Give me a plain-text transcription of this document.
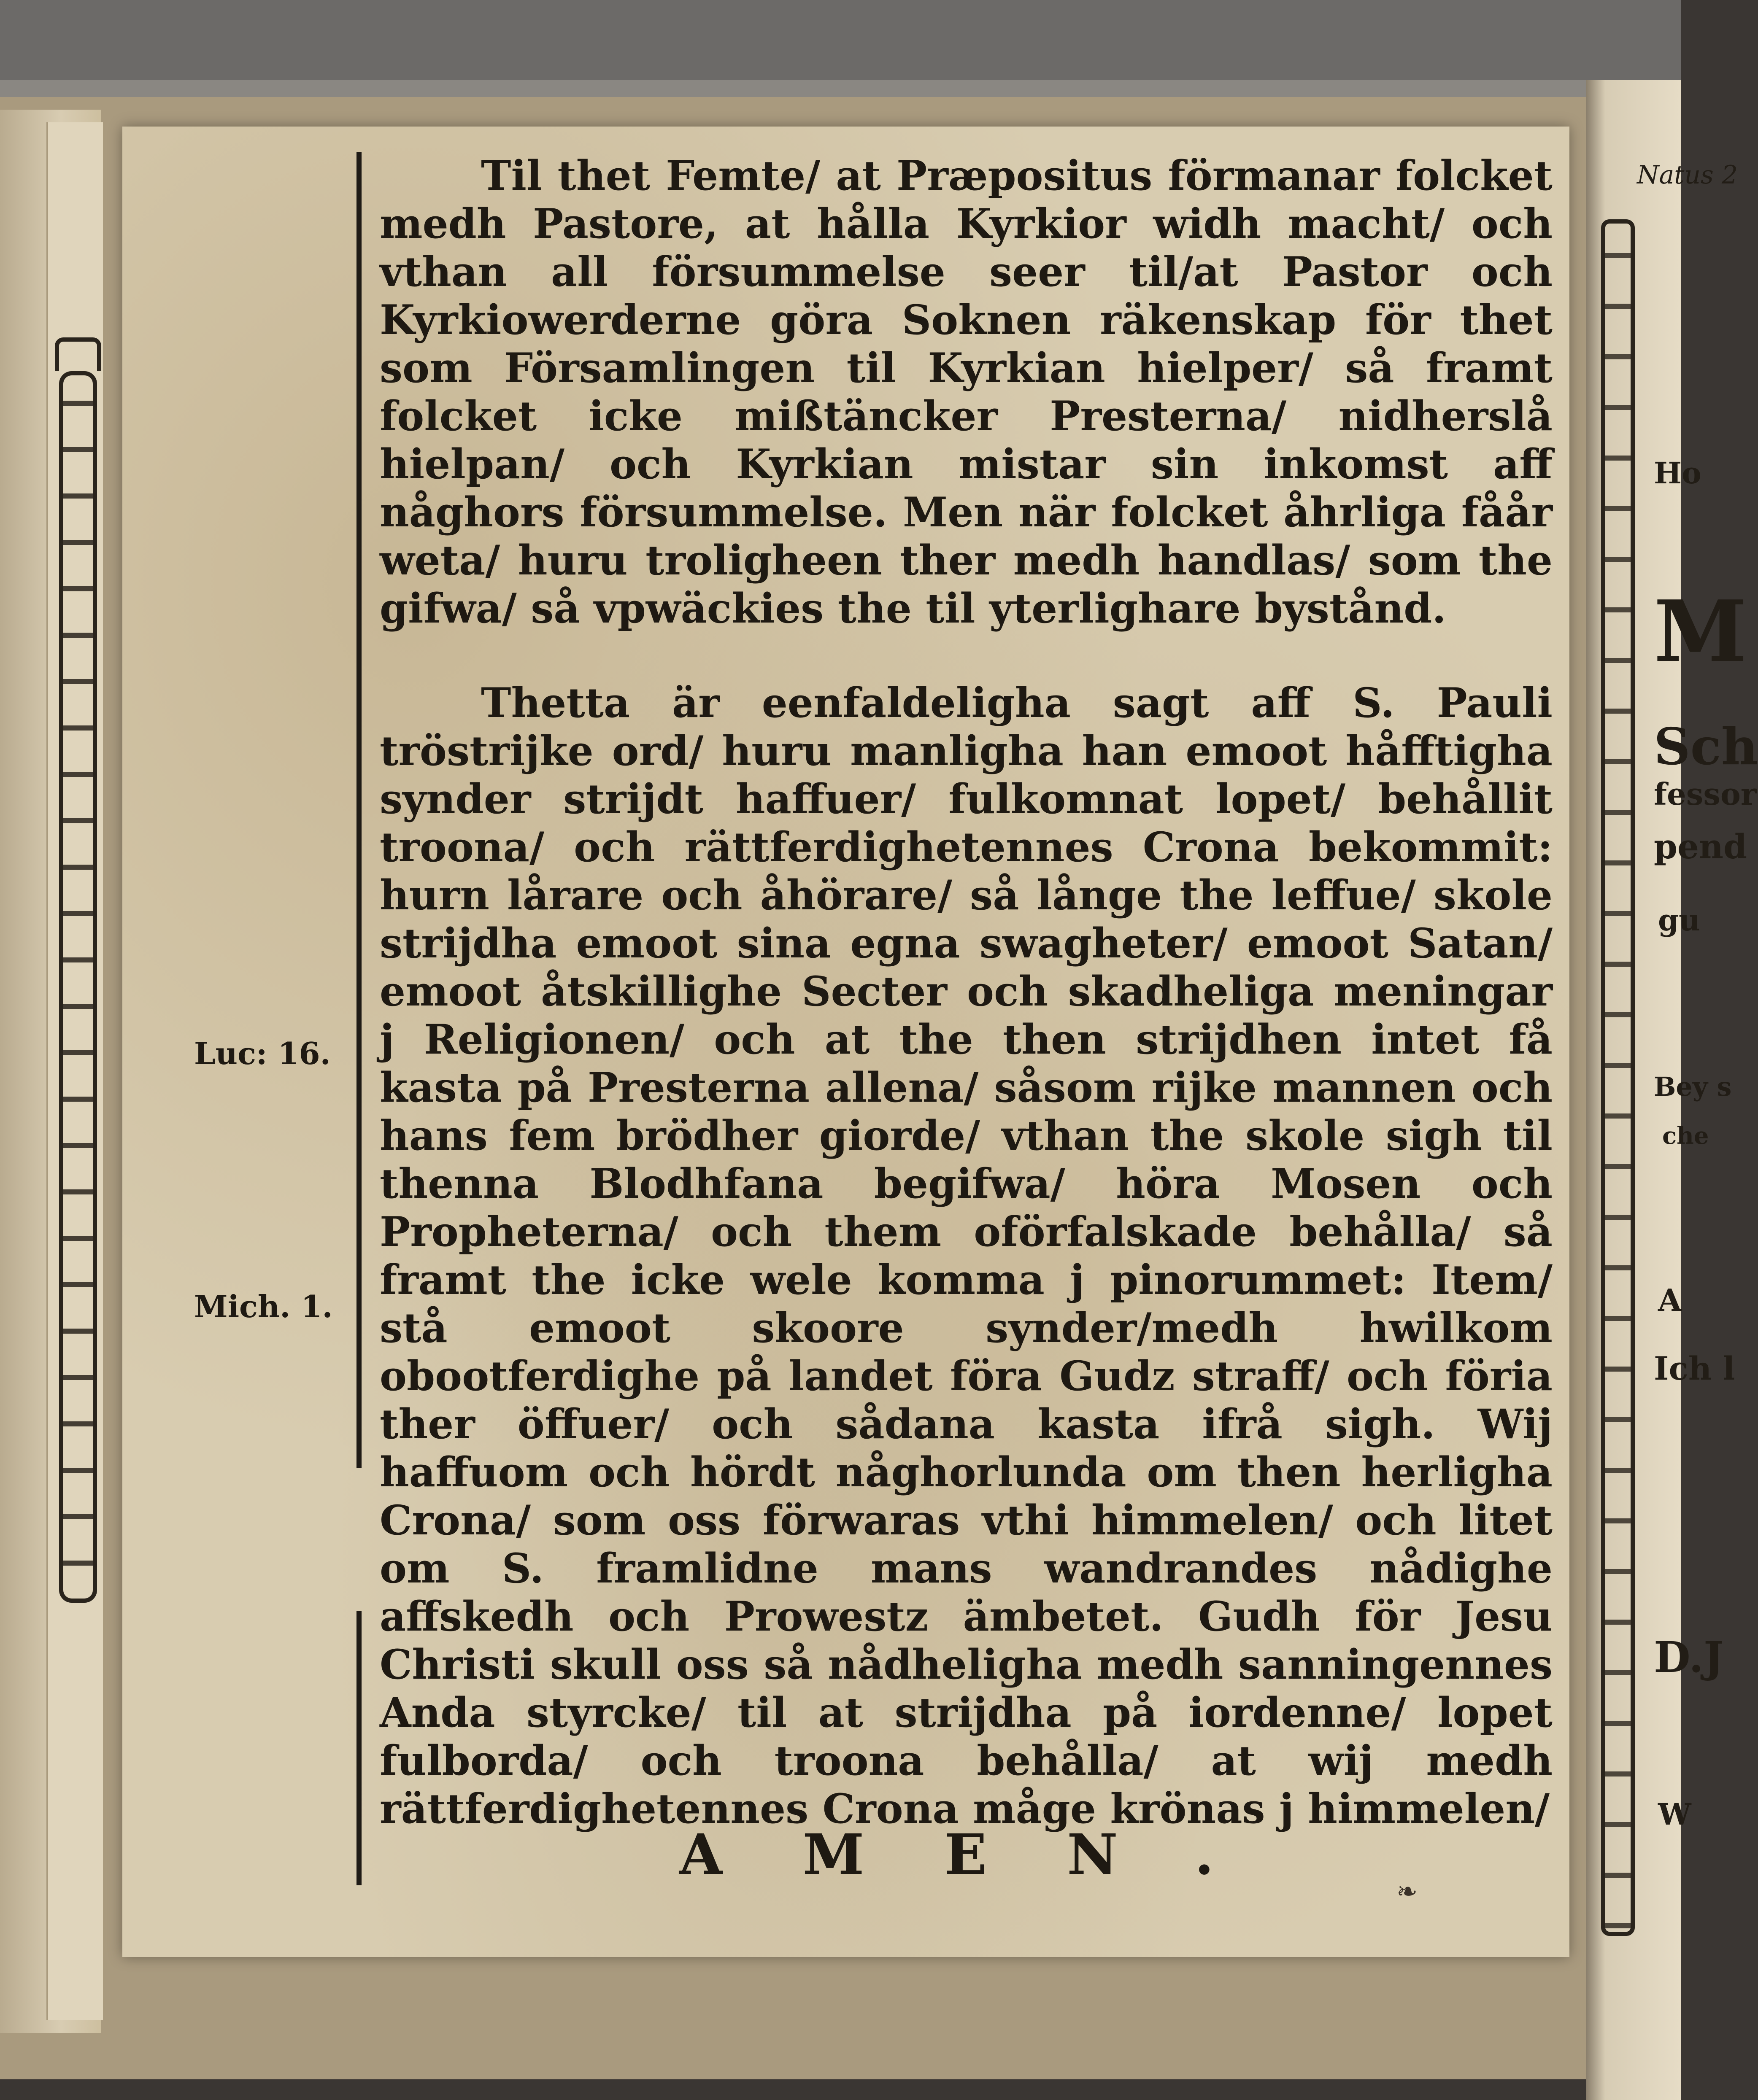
Luc: 16.
Mich. 1.

Til thet Femte/ at Præpositus förmanar folcket medh Pastore, at hålla Kyrkior widh macht/ och vthan all försummelse seer til/at Pastor och Kyrkiowerderne göra Soknen räkenskap för thet som Församlingen til Kyrkian hielper/ så framt folcket icke mißtäncker Presterna/ nidherslå hielpan/ och Kyrkian mistar sin inkomst aff någhors försummelse. Men när folcket åhrliga fåår weta/ huru troligheen ther medh handlas/ som the gifwa/ så vpwäckies the til yterlighare bystånd.

Thetta är eenfaldeligha sagt aff S. Pauli tröstrijke ord/ huru manligha han emoot håfftigha synder strijdt haffuer/ fulkomnat lopet/ behållit troona/ och rättferdighetennes Crona bekommit: hurn lårare och åhörare/ så långe the leffue/ skole strijdha emoot sina egna swagheter/ emoot Satan/ emoot åtskillighe Secter och skadheliga meningar j Religionen/ och at the then strijdhen intet få kasta på Presterna allena/ såsom rijke mannen och hans fem brödher giorde/ vthan the skole sigh til thenna Blodhfana begifwa/ höra Mosen och Propheterna/ och them oförfalskade behålla/ så framt the icke wele komma j pinorummet: Item/ stå emoot skoore synder/medh hwilkom obootferdighe på landet föra Gudz straff/ och föria ther öffuer/ och sådana kasta ifrå sigh. Wij haffuom och hördt någhorlunda om then herligha Crona/ som oss förwaras vthi himmelen/ och litet om S. framlidne mans wandrandes nådighe affskedh och Prowestz ämbetet. Gudh för Jesu Christi skull oss så nådheligha medh sanningennes Anda styrcke/ til at strijdha på iordenne/ lopet fulborda/ och troona behålla/ at wij medh rättferdighetennes Crona måge krönas j himmelen/

AMEN.
❧
Natus 2
Ho
M
Sch
fessor
pend
gu
Bey s
che
A
Ich l
D.J
W
